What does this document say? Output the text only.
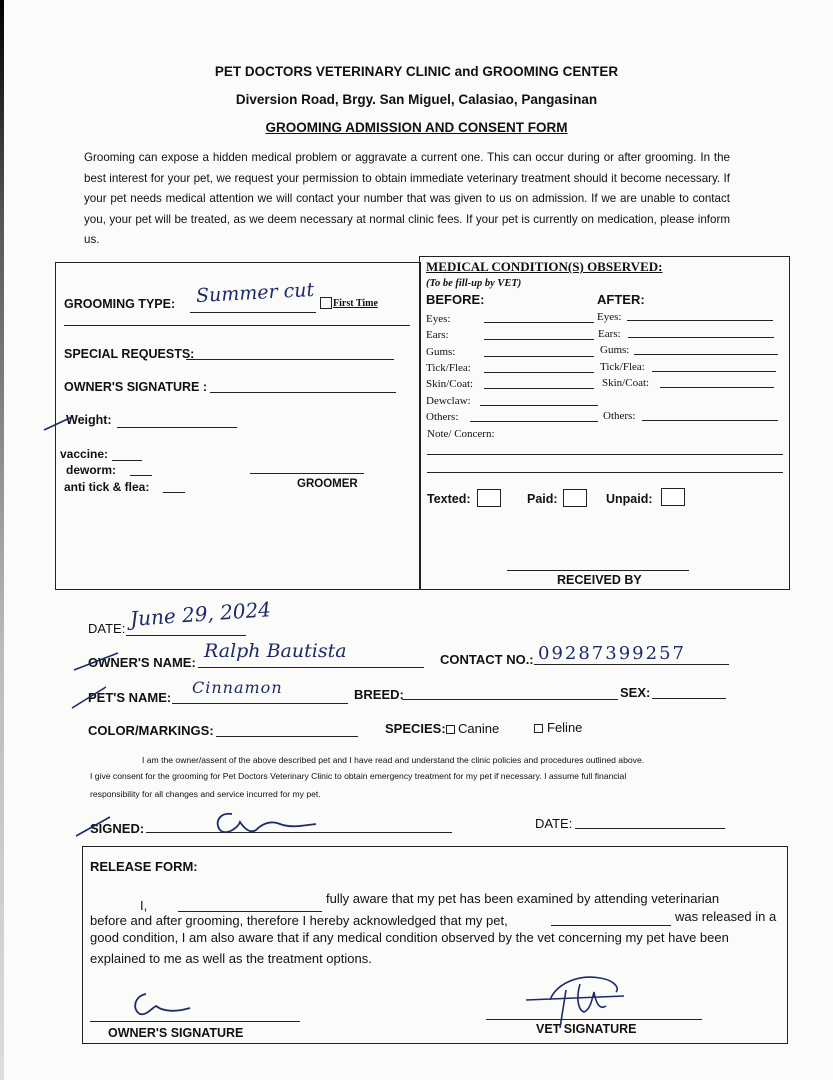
PET DOCTORS VETERINARY CLINIC and GROOMING CENTER
Diversion Road, Brgy. San Miguel, Calasiao, Pangasinan
GROOMING ADMISSION AND CONSENT FORM
Grooming can expose a hidden medical problem or aggravate a current one. This can occur during or after grooming. In the best interest for your pet, we request your permission to obtain immediate veterinary treatment should it become necessary. If your pet needs medical attention we will contact your number that was given to us on admission. If we are unable to contact you, your pet will be treated, as we deem necessary at normal clinic fees. If your pet is currently on medication, please inform us.
GROOMING TYPE: Summer cut First Time
SPECIAL REQUESTS:
OWNER'S SIGNATURE :
Weight:
vaccine:
deworm:
anti tick & flea:	GROOMER
MEDICAL CONDITION(S) OBSERVED:
(To be fill-up by VET)
BEFORE:	AFTER:
Eyes:
Ears:
Gums:
Tick/Flea:
Skin/Coat:
Dewclaw:
Others:
Eyes:
Ears:
Gums:
Tick/Flea:
Skin/Coat:
Others:
Note/ Concern:
Texted:	Paid:	Unpaid:
RECEIVED BY
DATE: June 29, 2024
OWNER'S NAME:
Ralph Bautista	CONTACT NO.: 09287399257
PET'S NAME:
Cinnamon	BREED:	SEX:
COLOR/MARKINGS:	SPECIES: Canine	Feline
I am the owner/assent of the above described pet and I have read and understand the clinic policies and procedures outlined above.
I give consent for the grooming for Pet Doctors Veterinary Clinic to obtain emergency treatment for my pet if necessary. I assume full financial
responsibility for all changes and service incurred for my pet.
SIGNED:	DATE:
RELEASE FORM:
I,	fully aware that my pet has been examined by attending veterinarian
before and after grooming, therefore I hereby acknowledged that my pet,	was released in a
good condition, I am also aware that if any medical condition observed by the vet concerning my pet have been
explained to me as well as the treatment options.
OWNER'S SIGNATURE	VET SIGNATURE
